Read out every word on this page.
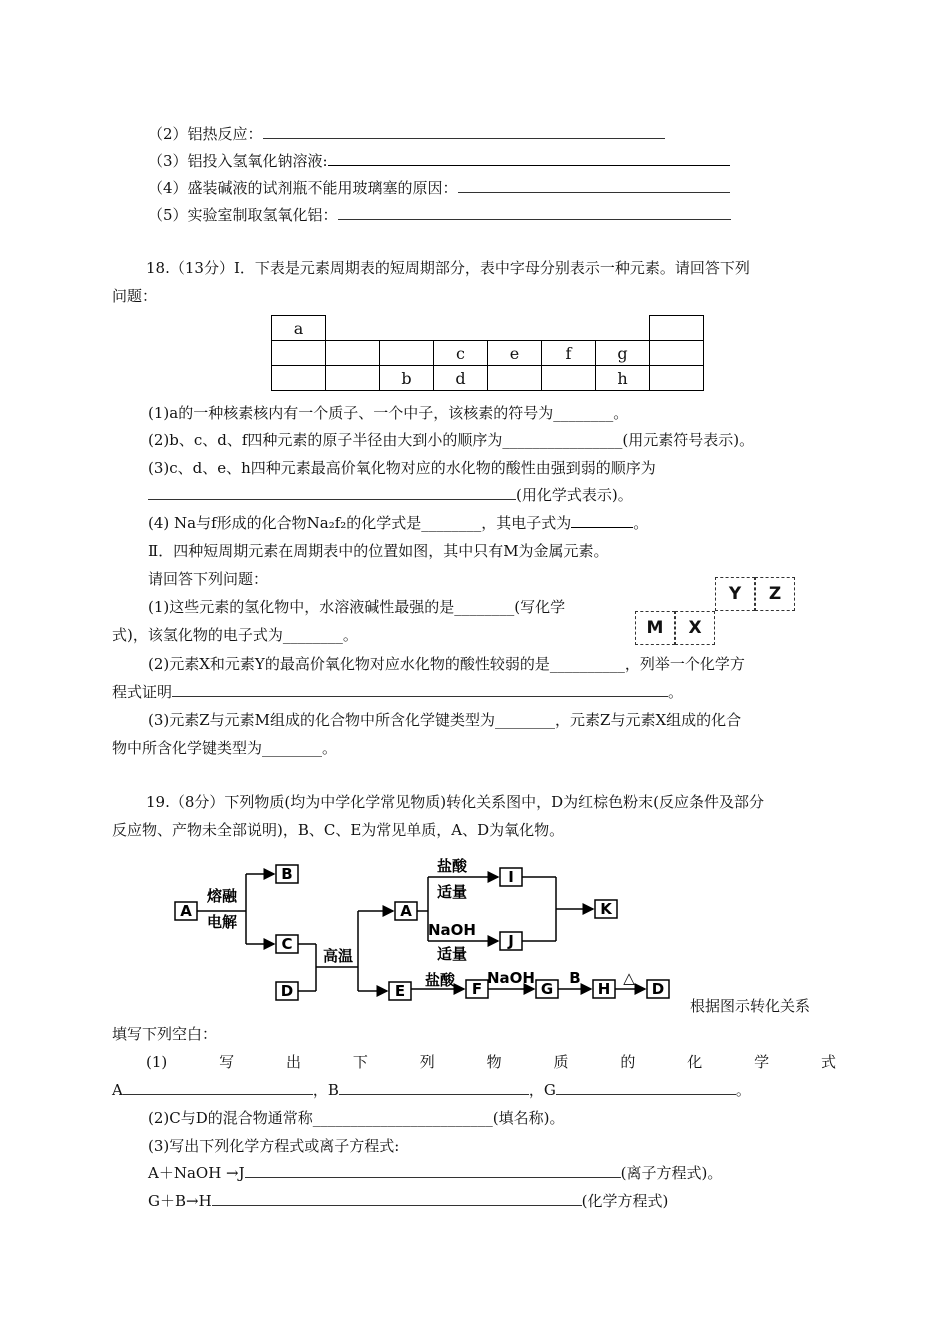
（2）铝热反应：
（3）铝投入氢氧化钠溶液:
（4）盛装碱液的试剂瓶不能用玻璃塞的原因：
（5）实验室制取氢氧化铝：
18.（13分）Ⅰ．下表是元素周期表的短周期部分，表中字母分别表示一种元素。请回答下列
问题：
a							
			c	e	f	g	
		b	d			h	
(1)a的一种核素核内有一个质子、一个中子，该核素的符号为________。
(2)b、c、d、f四种元素的原子半径由大到小的顺序为________________(用元素符号表示)。
(3)c、d、e、h四种元素最高价氧化物对应的水化物的酸性由强到弱的顺序为
(用化学式表示)。
(4) Na与f形成的化合物Na₂f₂的化学式是________，其电子式为	。
Ⅱ．四种短周期元素在周期表中的位置如图，其中只有M为金属元素。
请回答下列问题：
(1)这些元素的氢化物中，水溶液碱性最强的是________(写化学
式)，该氢化物的电子式为________。
Y	Z
M	X
(2)元素X和元素Y的最高价氧化物对应水化物的酸性较弱的是__________，列举一个化学方
程式证明	。
(3)元素Z与元素M组成的化合物中所含化学键类型为________，元素Z与元素X组成的化合
物中所含化学键类型为________。
19.（8分）下列物质(均为中学化学常见物质)转化关系图中，D为红棕色粉末(反应条件及部分
反应物、产物未全部说明)，B、C、E为常见单质，A、D为氧化物。
A
B
C
D
A
I
J
K
E	F	G	H	D
熔融
电解
高温
盐酸
适量
NaOH
适量
盐酸 NaOH B	△
根据图示转化关系
填写下列空白：
(1)	写	出	下	列	物	质	的	化	学	式
A	，B	，G	。
(2)C与D的混合物通常称________________________(填名称)。
(3)写出下列化学方程式或离子方程式:
A＋NaOH →J	(离子方程式)。
G＋B→H	(化学方程式)
